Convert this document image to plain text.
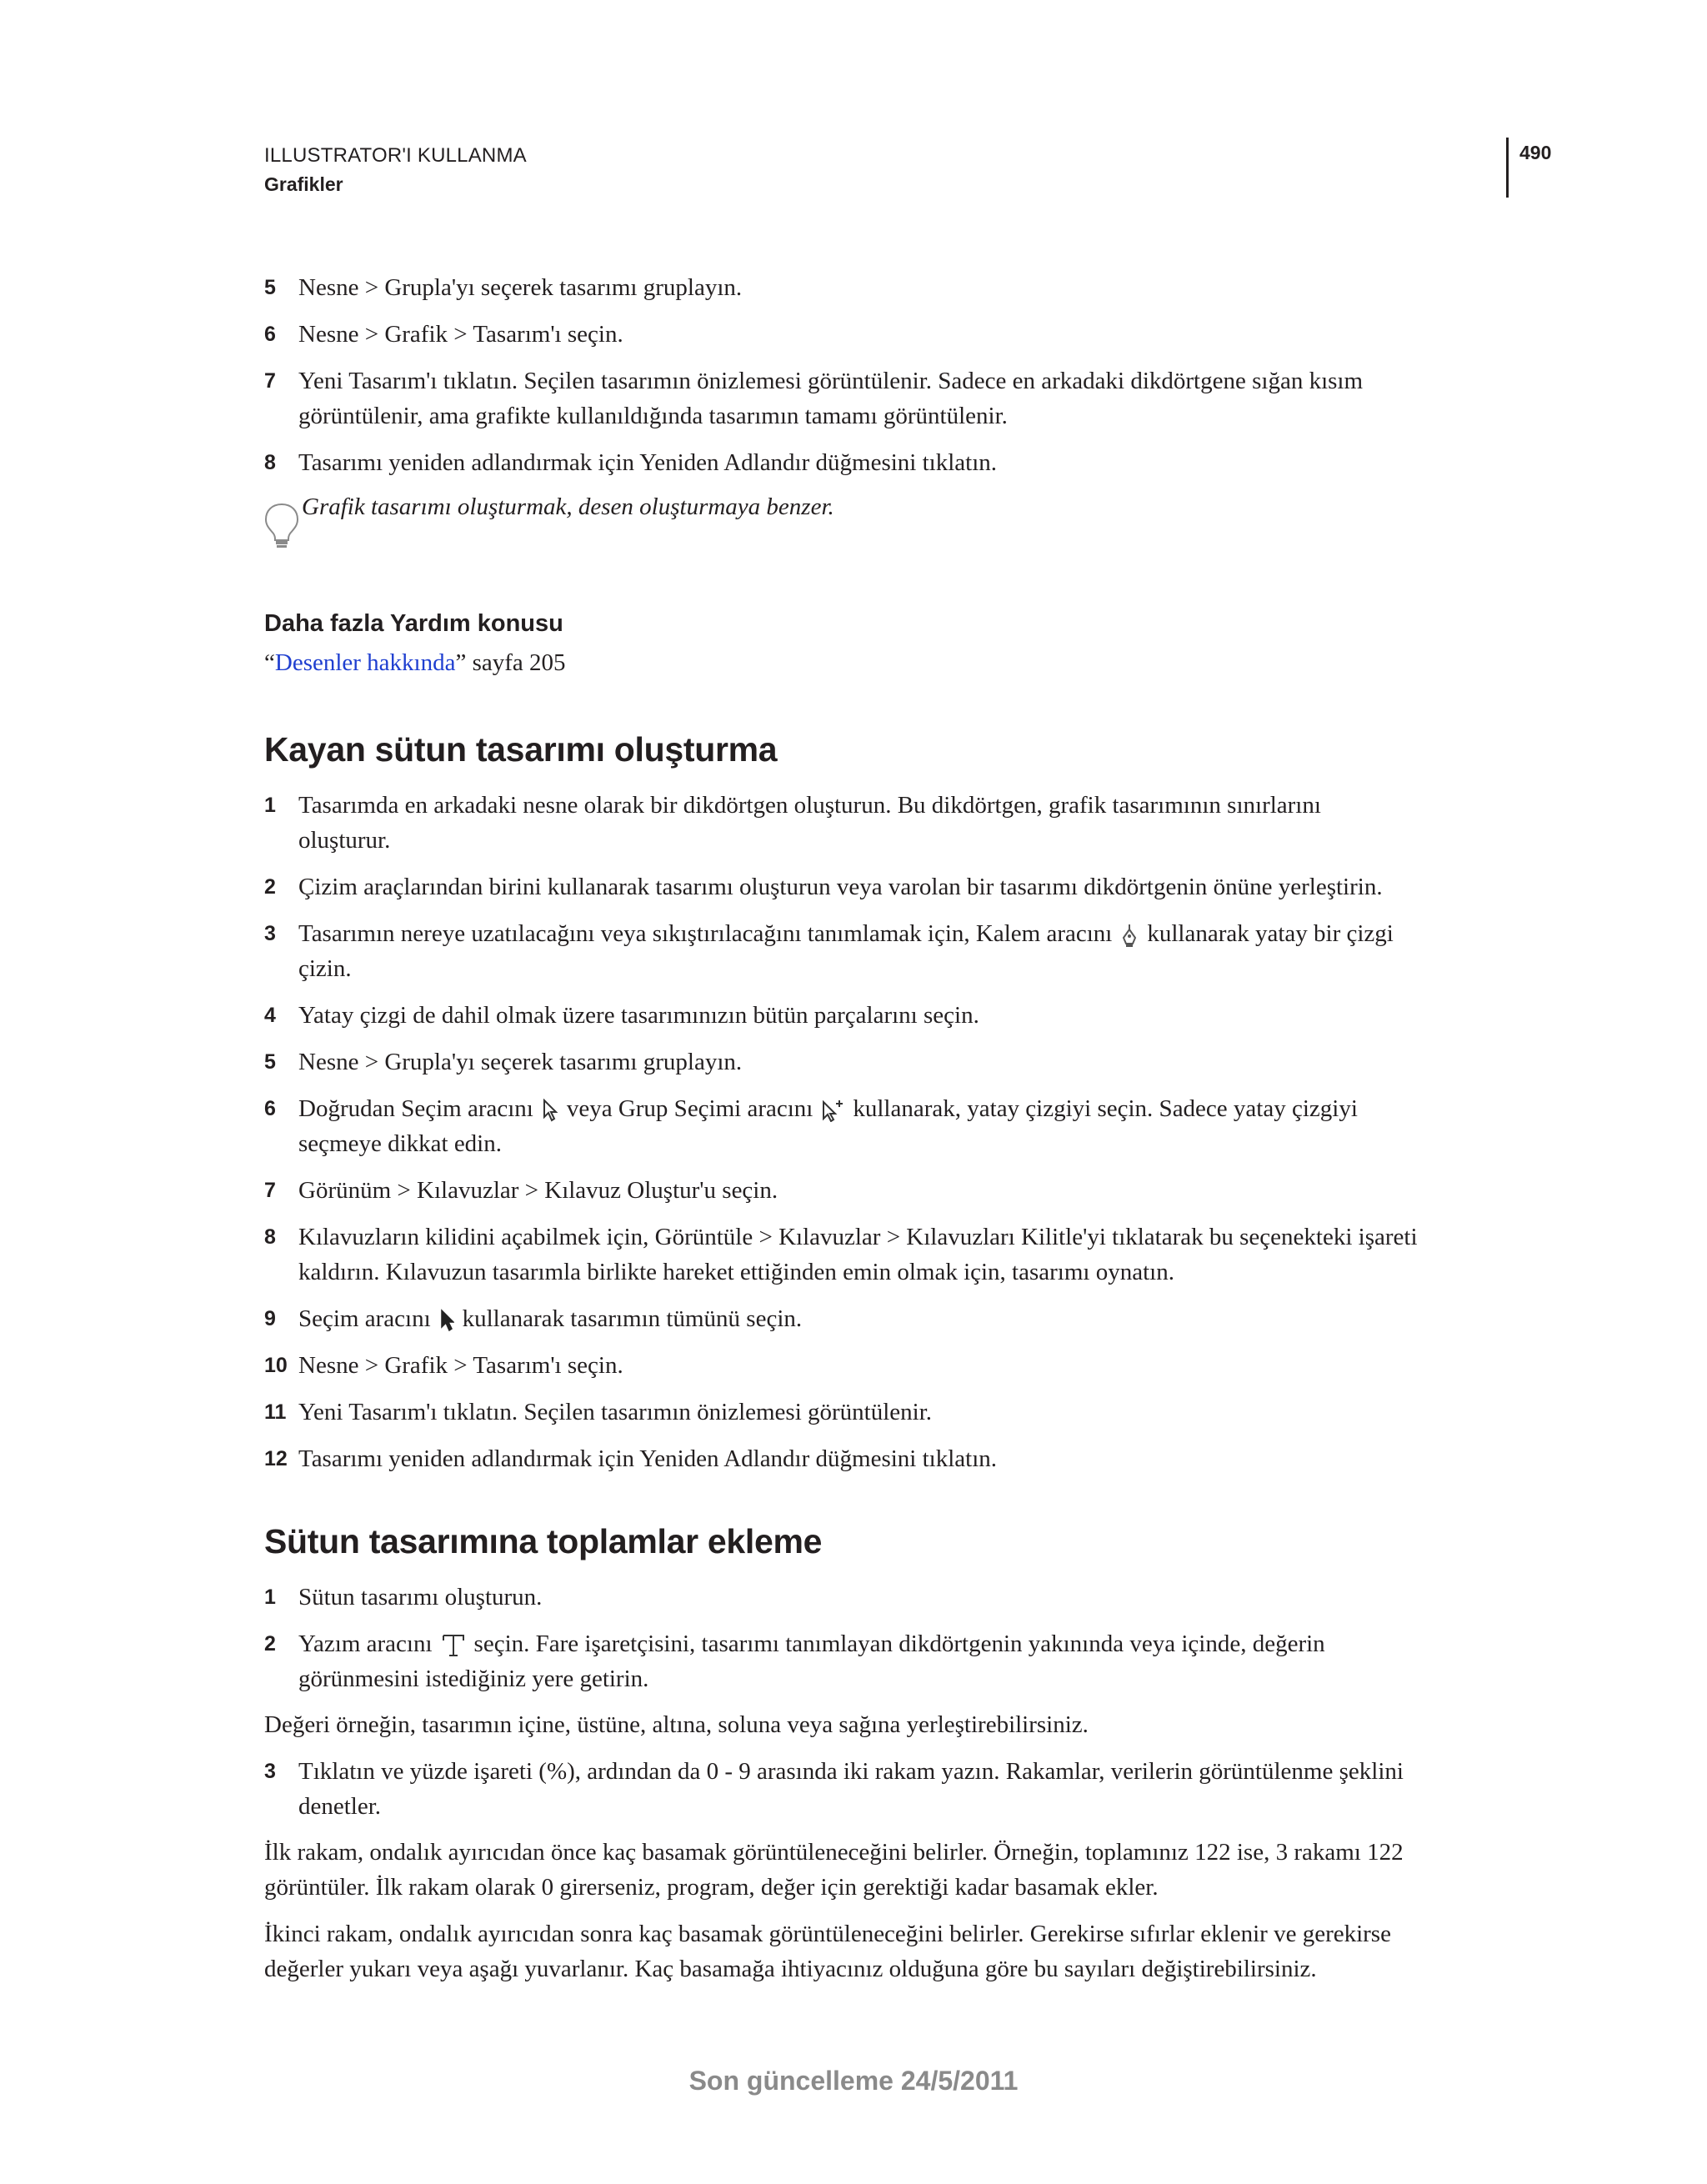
ILLUSTRATOR'I KULLANMA
Grafikler
490
5 Nesne > Grupla'yı seçerek tasarımı gruplayın.
6 Nesne > Grafik > Tasarım'ı seçin.
7 Yeni Tasarım'ı tıklatın. Seçilen tasarımın önizlemesi görüntülenir. Sadece en arkadaki dikdörtgene sığan kısım
görüntülenir, ama grafikte kullanıldığında tasarımın tamamı görüntülenir.
8 Tasarımı yeniden adlandırmak için Yeniden Adlandır düğmesini tıklatın.
Grafik tasarımı oluşturmak, desen oluşturmaya benzer.
Daha fazla Yardım konusu
“Desenler hakkında” sayfa 205
Kayan sütun tasarımı oluşturma
1 Tasarımda en arkadaki nesne olarak bir dikdörtgen oluşturun. Bu dikdörtgen, grafik tasarımının sınırlarını
oluşturur.
2 Çizim araçlarından birini kullanarak tasarımı oluşturun veya varolan bir tasarımı dikdörtgenin önüne yerleştirin.
3 Tasarımın nereye uzatılacağını veya sıkıştırılacağını tanımlamak için, Kalem aracını kullanarak yatay bir çizgi
çizin.
4 Yatay çizgi de dahil olmak üzere tasarımınızın bütün parçalarını seçin.
5 Nesne > Grupla'yı seçerek tasarımı gruplayın.
6 Doğrudan Seçim aracını veya Grup Seçimi aracını kullanarak, yatay çizgiyi seçin. Sadece yatay çizgiyi
seçmeye dikkat edin.
7 Görünüm > Kılavuzlar > Kılavuz Oluştur'u seçin.
8 Kılavuzların kilidini açabilmek için, Görüntüle > Kılavuzlar > Kılavuzları Kilitle'yi tıklatarak bu seçenekteki işareti
kaldırın. Kılavuzun tasarımla birlikte hareket ettiğinden emin olmak için, tasarımı oynatın.
9 Seçim aracını kullanarak tasarımın tümünü seçin.
10 Nesne > Grafik > Tasarım'ı seçin.
11 Yeni Tasarım'ı tıklatın. Seçilen tasarımın önizlemesi görüntülenir.
12 Tasarımı yeniden adlandırmak için Yeniden Adlandır düğmesini tıklatın.
Sütun tasarımına toplamlar ekleme
1 Sütun tasarımı oluşturun.
2 Yazım aracını seçin. Fare işaretçisini, tasarımı tanımlayan dikdörtgenin yakınında veya içinde, değerin
görünmesini istediğiniz yere getirin.
Değeri örneğin, tasarımın içine, üstüne, altına, soluna veya sağına yerleştirebilirsiniz.
3 Tıklatın ve yüzde işareti (%), ardından da 0 - 9 arasında iki rakam yazın. Rakamlar, verilerin görüntülenme şeklini
denetler.
İlk rakam, ondalık ayırıcıdan önce kaç basamak görüntüleneceğini belirler. Örneğin, toplamınız 122 ise, 3 rakamı 122
görüntüler. İlk rakam olarak 0 girerseniz, program, değer için gerektiği kadar basamak ekler.
İkinci rakam, ondalık ayırıcıdan sonra kaç basamak görüntüleneceğini belirler. Gerekirse sıfırlar eklenir ve gerekirse
değerler yukarı veya aşağı yuvarlanır. Kaç basamağa ihtiyacınız olduğuna göre bu sayıları değiştirebilirsiniz.
Son güncelleme 24/5/2011
